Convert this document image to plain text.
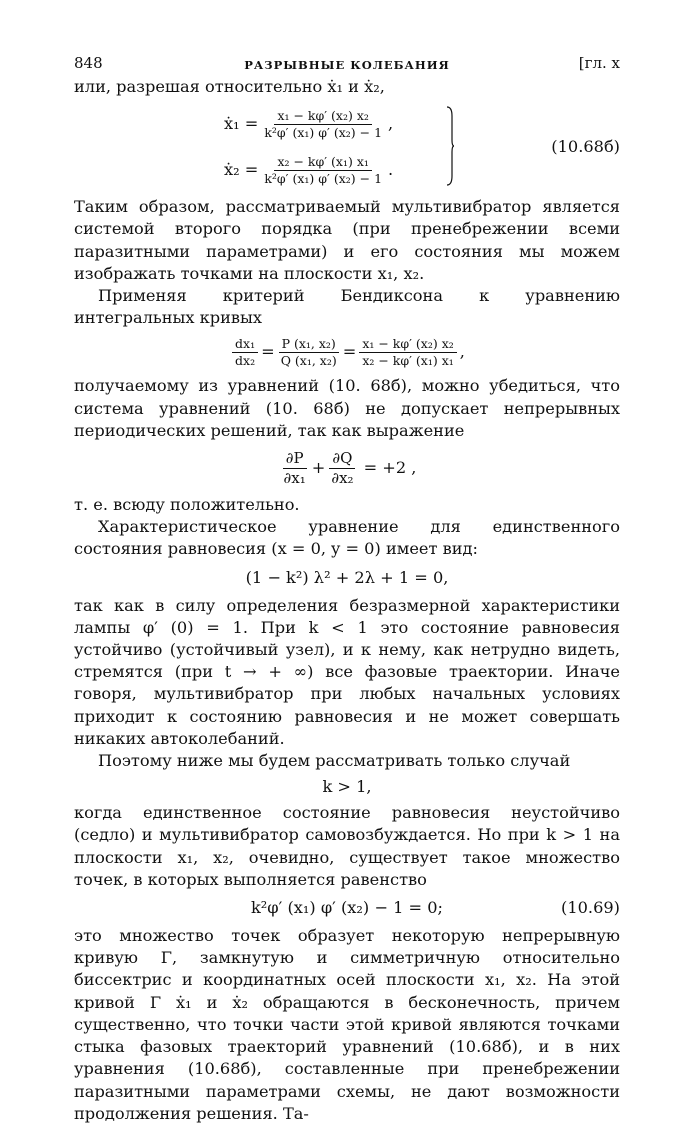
848	РАЗРЫВНЫЕ КОЛЕБАНИЯ	[гл. x

или, разрешая относительно ẋ₁ и ẋ₂,

ẋ₁ = $\frac{\text{x₁ − kφ′ (x₂) x₂}}{\text{k²φ′ (x₁) φ′ (x₂) − 1}}$ ,
ẋ₂ = $\frac{\text{x₂ − kφ′ (x₁) x₁}}{\text{k²φ′ (x₁) φ′ (x₂) − 1}}$ .
(10.68б)

Таким образом, рассматриваемый мультивибратор является системой второго порядка (при пренебрежении всеми паразитными параметрами) и его состояния мы можем изображать точками на плоскости x₁, x₂.

Применяя критерий Бендиксона к уравнению интегральных кривых

$\frac{\text{dx₁}}{\text{dx₂}} = \frac{\text{P (x₁, x₂)}}{\text{Q (x₁, x₂)}} = \frac{\text{x₁ − kφ′ (x₂) x₂}}{\text{x₂ − kφ′ (x₁) x₁}}$ ,

получаемому из уравнений (10. 68б), можно убедиться, что система уравнений (10. 68б) не допускает непрерывных периодических решений, так как выражение

$\frac{\partial P}{\text{∂x₁}} + \frac{\partial Q}{\text{∂x₂}} = +2$ ,

т. е. всюду положительно.

Характеристическое уравнение для единственного состояния равновесия (x = 0, y = 0) имеет вид:

(1 − k²) λ² + 2λ + 1 = 0,

так как в силу определения безразмерной характеристики лампы φ′ (0) = 1. При k < 1 это состояние равновесия устойчиво (устойчивый узел), и к нему, как нетрудно видеть, стремятся (при t → + ∞) все фазовые траектории. Иначе говоря, мультивибратор при любых начальных условиях приходит к состоянию равновесия и не может совершать никаких автоколебаний.

Поэтому ниже мы будем рассматривать только случай

k > 1,

когда единственное состояние равновесия неустойчиво (седло) и мультивибратор самовозбуждается. Но при k > 1 на плоскости x₁, x₂, очевидно, существует такое множество точек, в которых выполняется равенство

k²φ′ (x₁) φ′ (x₂) − 1 = 0;	(10.69)

это множество точек образует некоторую непрерывную кривую Γ, замкнутую и симметричную относительно биссектрис и координатных осей плоскости x₁, x₂. На этой кривой Γ ẋ₁ и ẋ₂ обращаются в бесконечность, причем существенно, что точки части этой кривой являются точками стыка фазовых траекторий уравнений (10.68б), и в них уравнения (10.68б), составленные при пренебрежении паразитными параметрами схемы, не дают возможности продолжения решения. Та-
